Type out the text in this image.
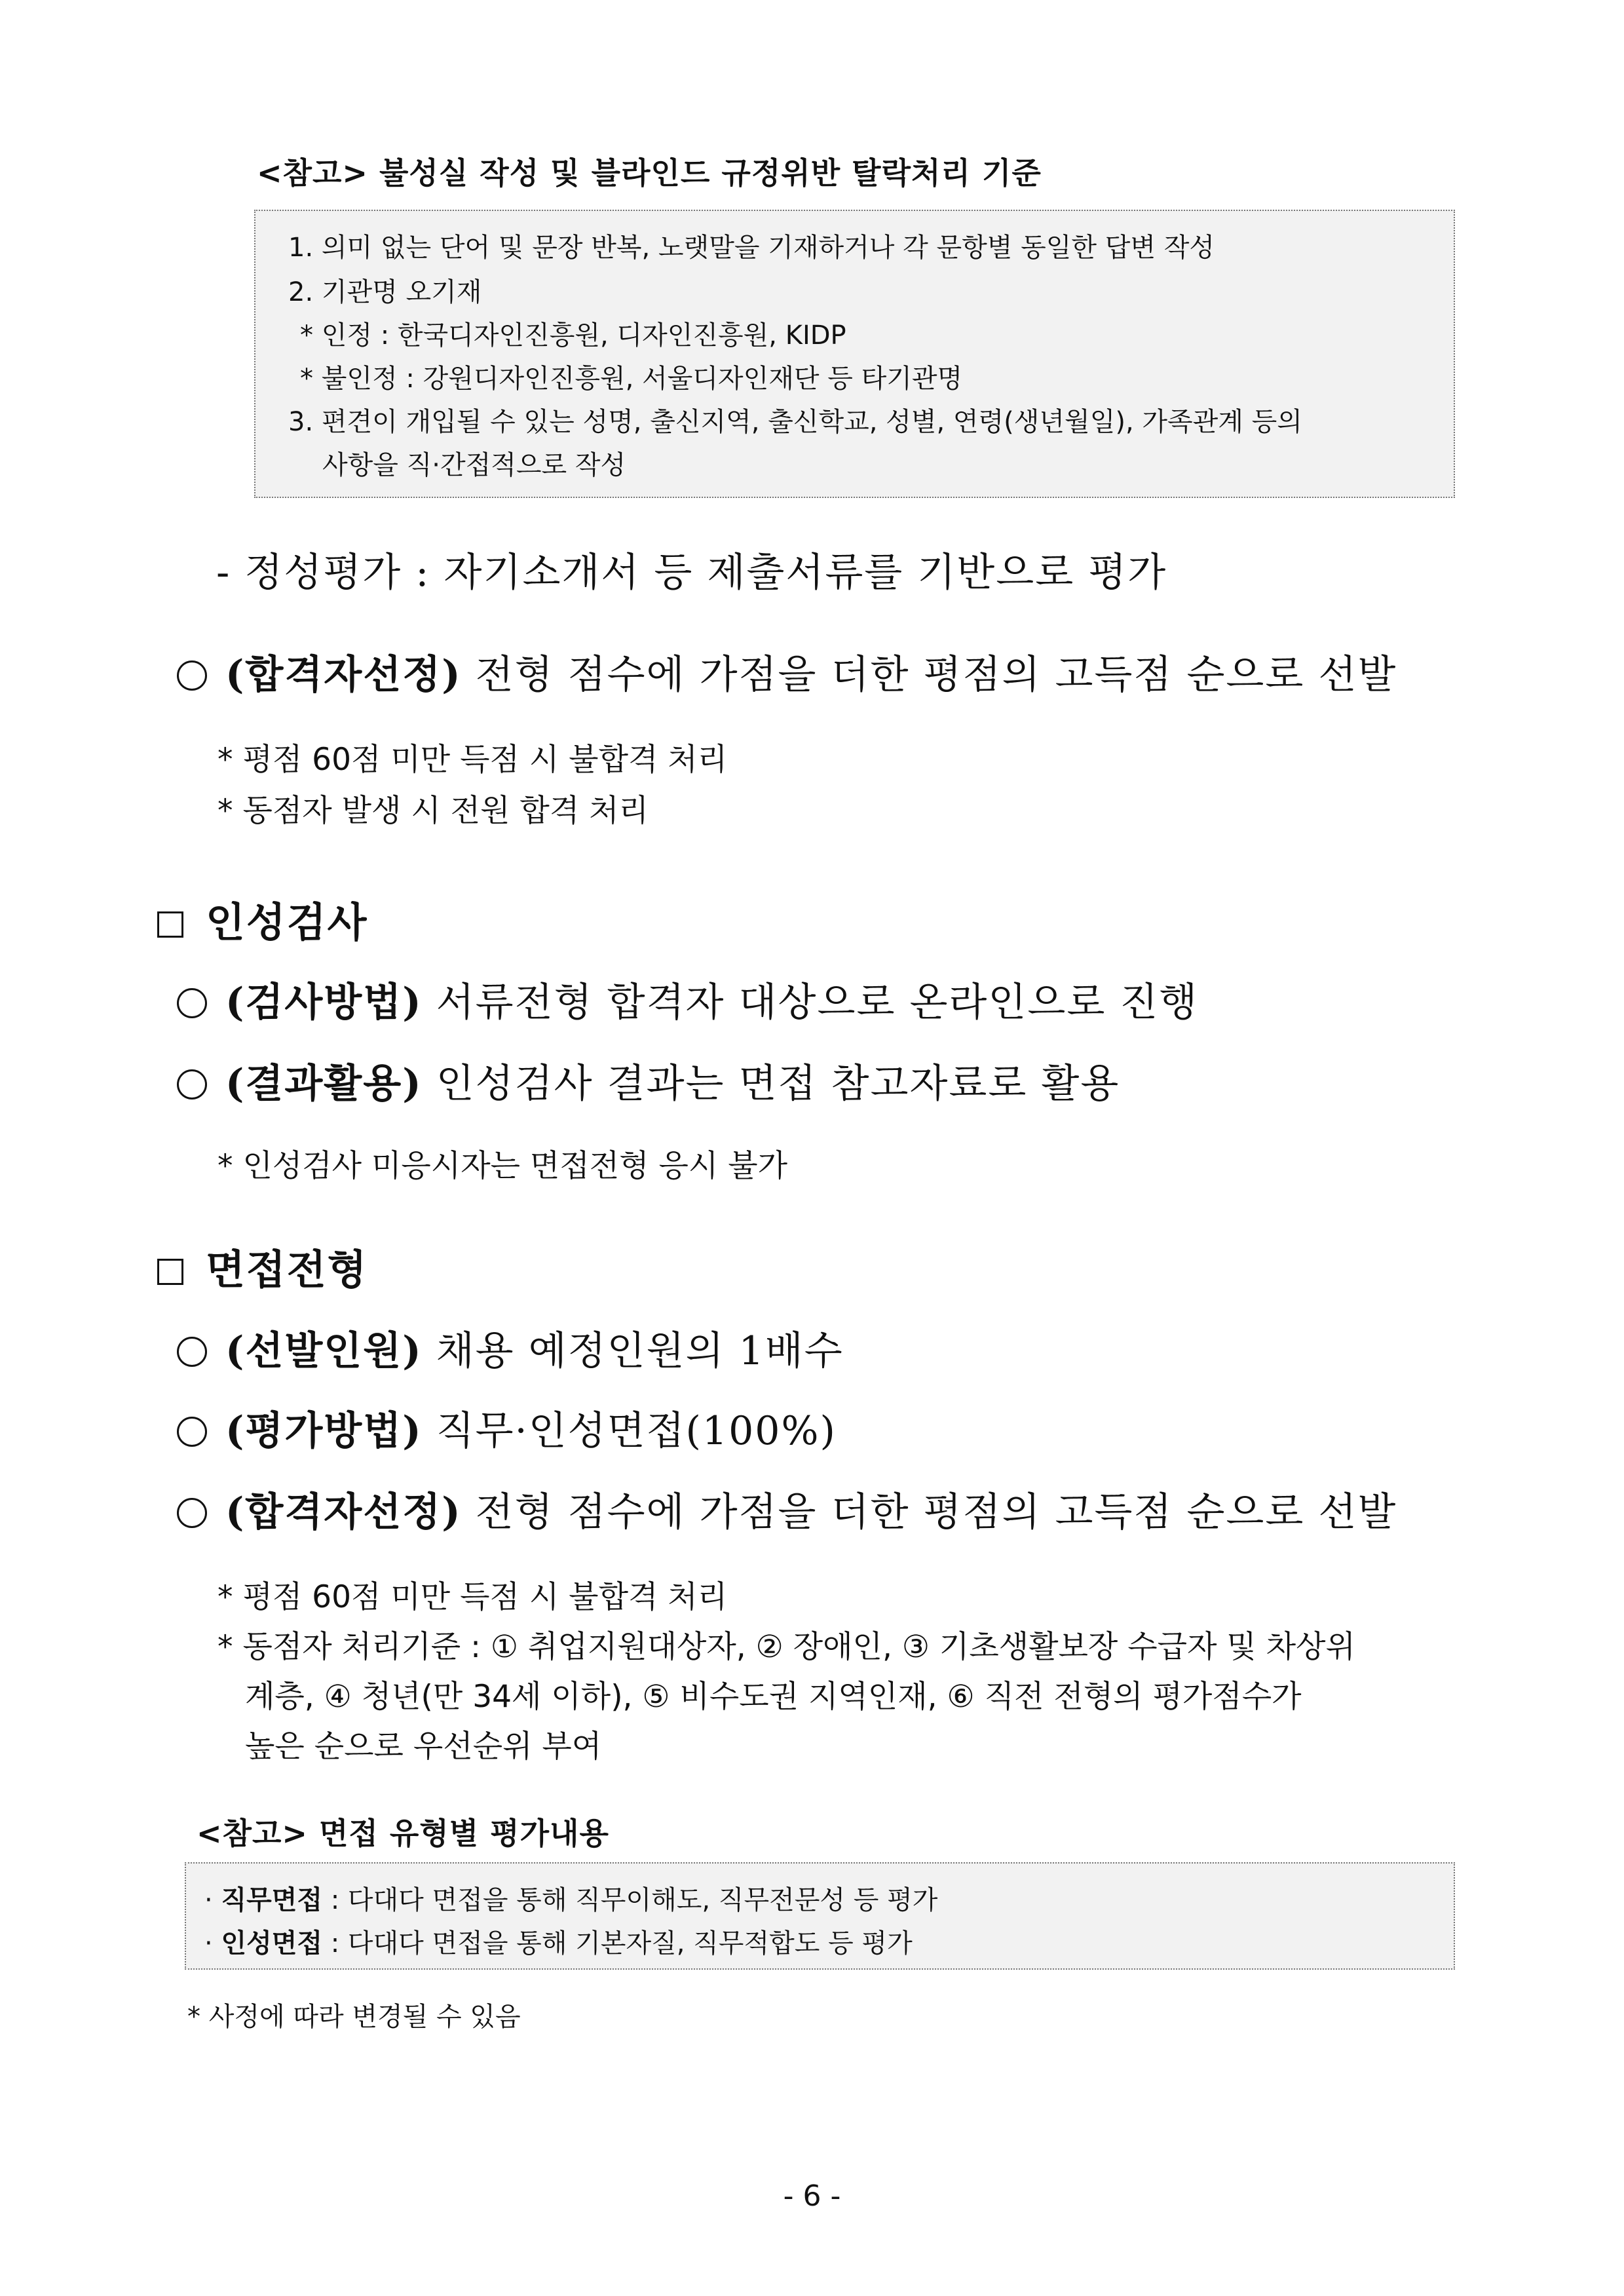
<참고> 불성실 작성 및 블라인드 규정위반 탈락처리 기준
1. 의미 없는 단어 및 문장 반복, 노랫말을 기재하거나 각 문항별 동일한 답변 작성
2. 기관명 오기재
* 인정 : 한국디자인진흥원, 디자인진흥원, KIDP
* 불인정 : 강원디자인진흥원, 서울디자인재단 등 타기관명
3. 편견이 개입될 수 있는 성명, 출신지역, 출신학교, 성별, 연령(생년월일), 가족관계 등의
사항을 직·간접적으로 작성
- 정성평가 : 자기소개서 등 제출서류를 기반으로 평가
(합격자선정) 전형 점수에 가점을 더한 평점의 고득점 순으로 선발
* 평점 60점 미만 득점 시 불합격 처리
* 동점자 발생 시 전원 합격 처리
인성검사
(검사방법) 서류전형 합격자 대상으로 온라인으로 진행
(결과활용) 인성검사 결과는 면접 참고자료로 활용
* 인성검사 미응시자는 면접전형 응시 불가
면접전형
(선발인원) 채용 예정인원의 1배수
(평가방법) 직무·인성면접(100%)
(합격자선정) 전형 점수에 가점을 더한 평점의 고득점 순으로 선발
* 평점 60점 미만 득점 시 불합격 처리
* 동점자 처리기준 : ① 취업지원대상자, ② 장애인, ③ 기초생활보장 수급자 및 차상위
계층, ④ 청년(만 34세 이하), ⑤ 비수도권 지역인재, ⑥ 직전 전형의 평가점수가
높은 순으로 우선순위 부여
<참고> 면접 유형별 평가내용
· 직무면접 : 다대다 면접을 통해 직무이해도, 직무전문성 등 평가
· 인성면접 : 다대다 면접을 통해 기본자질, 직무적합도 등 평가
* 사정에 따라 변경될 수 있음
- 6 -
